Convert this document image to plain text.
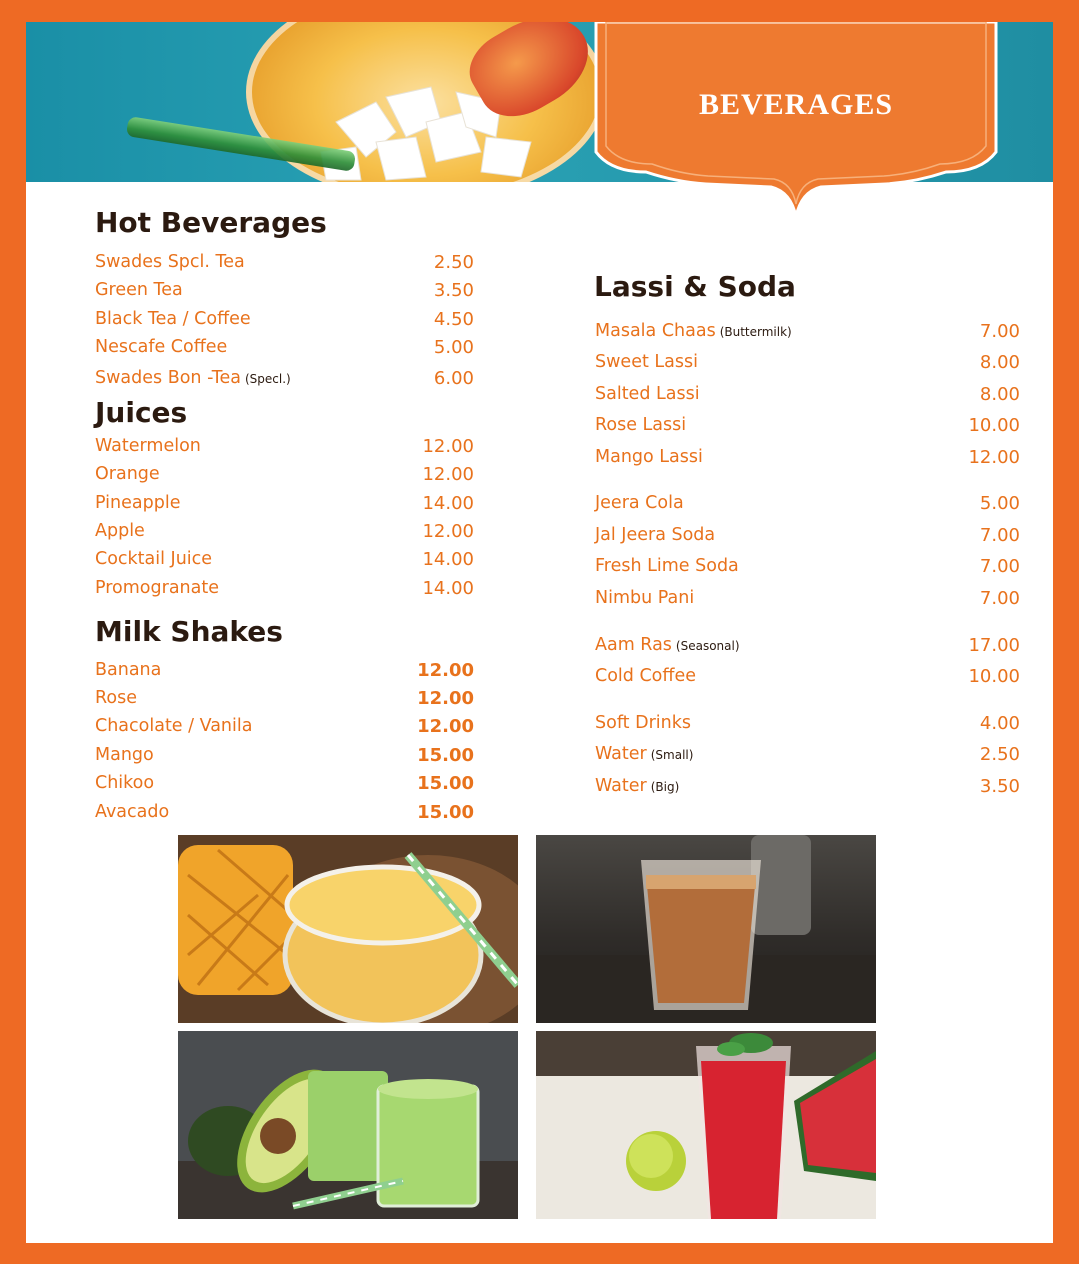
BEVERAGES
Hot Beverages
Swades Spcl. Tea	2.50
Green Tea	3.50
Black Tea / Coffee	4.50
Nescafe Coffee	5.00
Swades Bon -Tea (Specl.)	6.00
Juices
Watermelon	12.00
Orange	12.00
Pineapple	14.00
Apple	12.00
Cocktail Juice	14.00
Promogranate	14.00
Milk Shakes
Banana	12.00
Rose	12.00
Chacolate / Vanila	12.00
Mango	15.00
Chikoo	15.00
Avacado	15.00
Lassi & Soda
Masala Chaas (Buttermilk)	7.00
Sweet Lassi	8.00
Salted Lassi	8.00
Rose Lassi	10.00
Mango Lassi	12.00
Jeera Cola	5.00
Jal Jeera Soda	7.00
Fresh Lime Soda	7.00
Nimbu Pani	7.00
Aam Ras (Seasonal)	17.00
Cold Coffee	10.00
Soft Drinks	4.00
Water (Small)	2.50
Water (Big)	3.50
